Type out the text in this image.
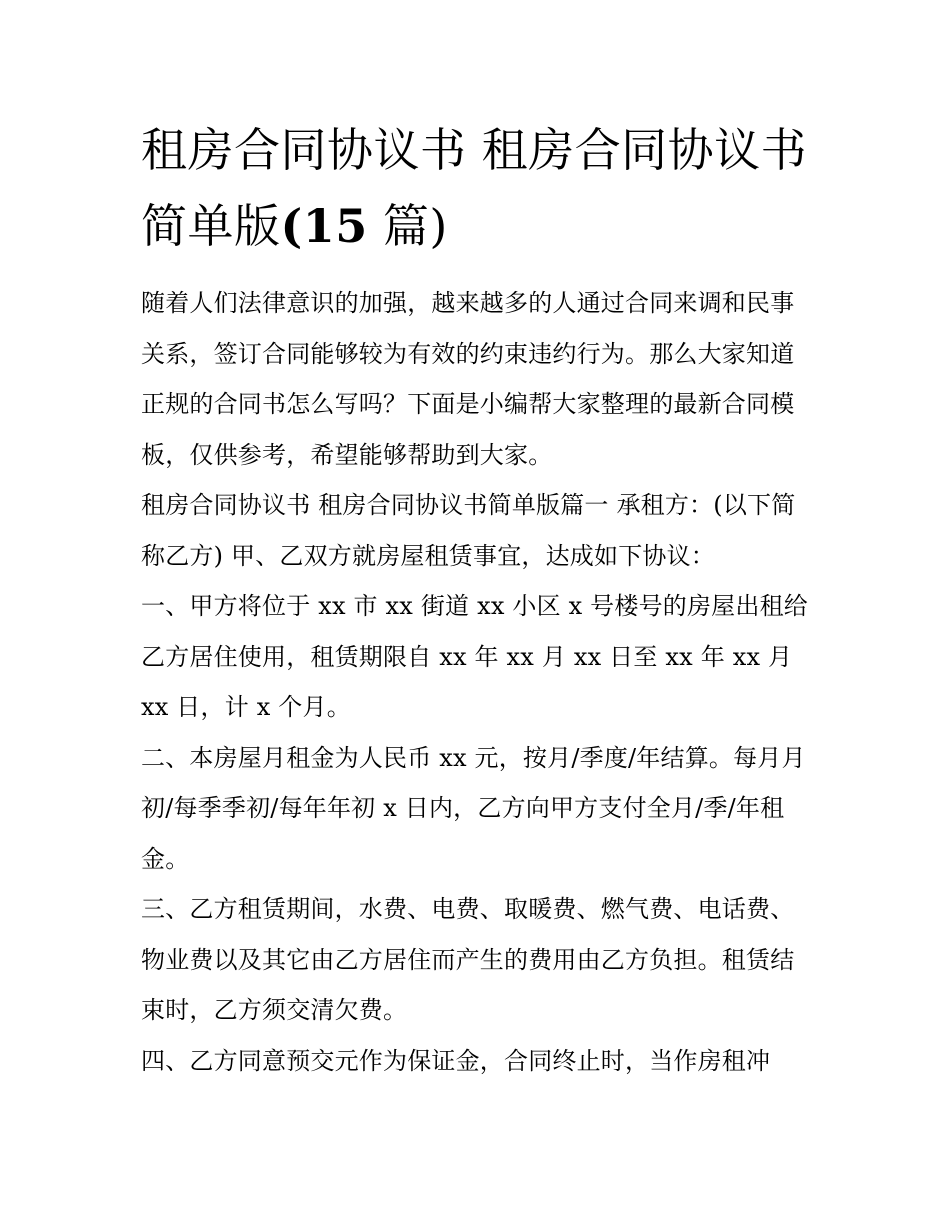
租房合同协议书 租房合同协议书简单版(15 篇)

随着人们法律意识的加强，越来越多的人通过合同来调和民事关系，签订合同能够较为有效的约束违约行为。那么大家知道正规的合同书怎么写吗？下面是小编帮大家整理的最新合同模板，仅供参考，希望能够帮助到大家。

租房合同协议书 租房合同协议书简单版篇一 承租方：(以下简称乙方) 甲、乙双方就房屋租赁事宜，达成如下协议：

一、甲方将位于 xx 市 xx 街道 xx 小区 x 号楼号的房屋出租给乙方居住使用，租赁期限自 xx 年 xx 月 xx 日至 xx 年 xx 月 xx 日，计 x 个月。

二、本房屋月租金为人民币 xx 元，按月/季度/年结算。每月月初/每季季初/每年年初 x 日内，乙方向甲方支付全月/季/年租金。

三、乙方租赁期间，水费、电费、取暖费、燃气费、电话费、物业费以及其它由乙方居住而产生的费用由乙方负担。租赁结束时，乙方须交清欠费。

四、乙方同意预交元作为保证金，合同终止时，当作房租冲
